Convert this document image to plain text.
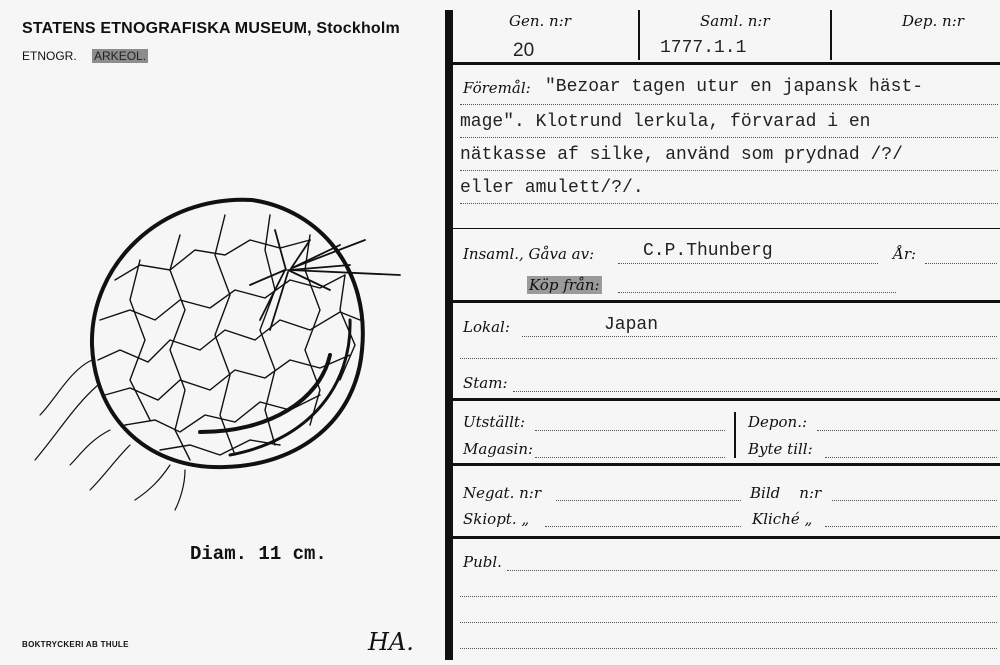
STATENS ETNOGRAFISKA MUSEUM, Stockholm
ETNOGR. ARKEOL.
Diam. 11 cm.
HA.
BOKTRYCKERI AB THULE
Gen. n:r
20
Saml. n:r
1777.1.1
Dep. n:r
Föremål: "Bezoar tagen utur en japansk häst-
mage". Klotrund lerkula, förvarad i en
nätkasse af silke, använd som prydnad /?/
eller amulett/?/.
Insaml., Gåva av:	C.P.Thunberg	År:
Köp från:
Lokal:	Japan
Stam:
Utställt:	Depon.:
Magasin:	Byte till:
Negat. n:r	Bild    n:r
Skiopt. „	Kliché „
Publ.
